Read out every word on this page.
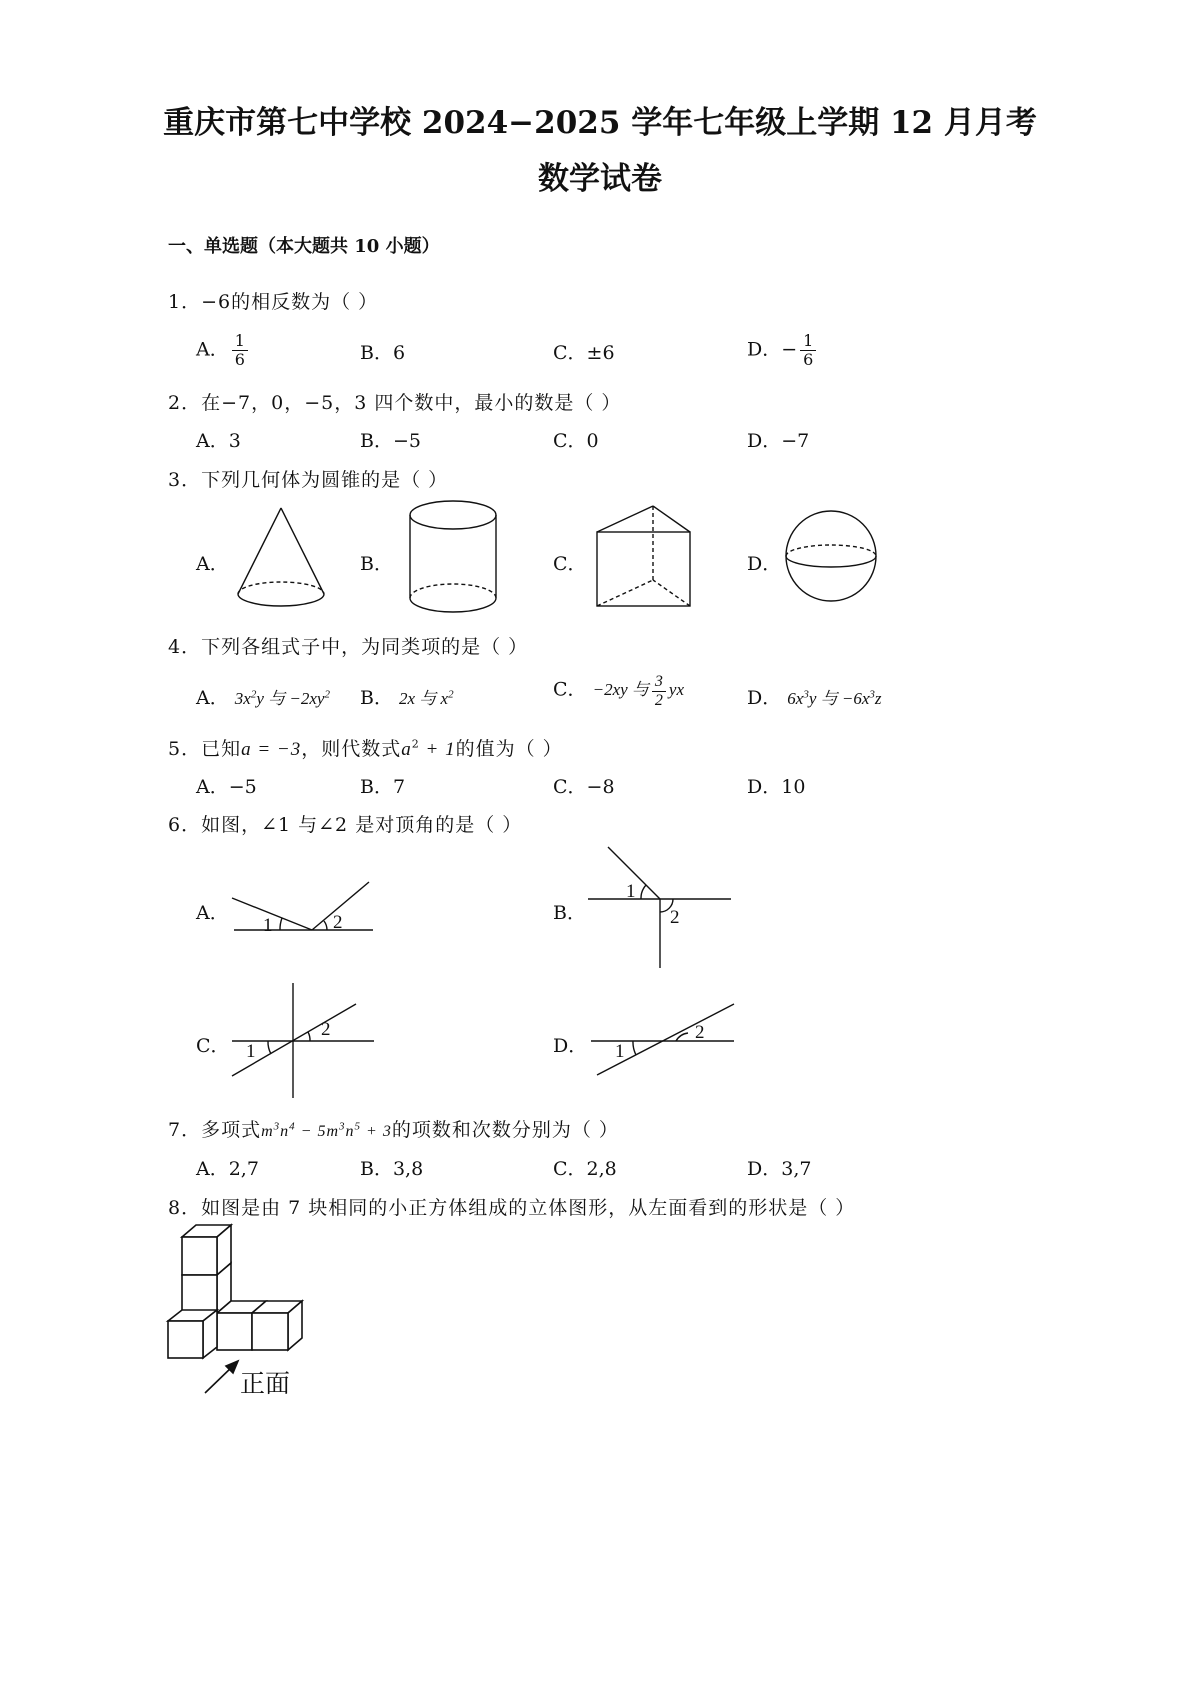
重庆市第七中学校 2024−2025 学年七年级上学期 12 月月考
数学试卷
一、单选题（本大题共 10 小题）
1．−6的相反数为（ ）
A． $\frac{1}{6}$	B．6	C．±6	D．− $\frac{1}{6}$
2．在−7，0，−5，3 四个数中，最小的数是（ ）
A．3	B．−5	C．0	D．−7
3．下列几何体为圆锥的是（ ）
A．	B．	C．	D．
1	2
1
2
1
2
1
2
正面
4．下列各组式子中，为同类项的是（ ）
A． $3x^2y$ 与 $-2xy^2$ B． 2x 与 $x^2$	C． −2xy 与 $\frac{3}{2}$ yx	D． $6x^3y$ 与 $-6x^3z$
5．已知a = −3，则代数式$a^2 + 1$的值为（ ）
A．−5	B．7	C．−8	D．10
6．如图，∠1 与∠2 是对顶角的是（ ）
A．	B．
C．	D．
7．多项式$m^3n^4 - 5m^3n^5 + 3$的项数和次数分别为（ ）
A．2,7	B．3,8	C．2,8	D．3,7
8．如图是由 7 块相同的小正方体组成的立体图形，从左面看到的形状是（ ）
